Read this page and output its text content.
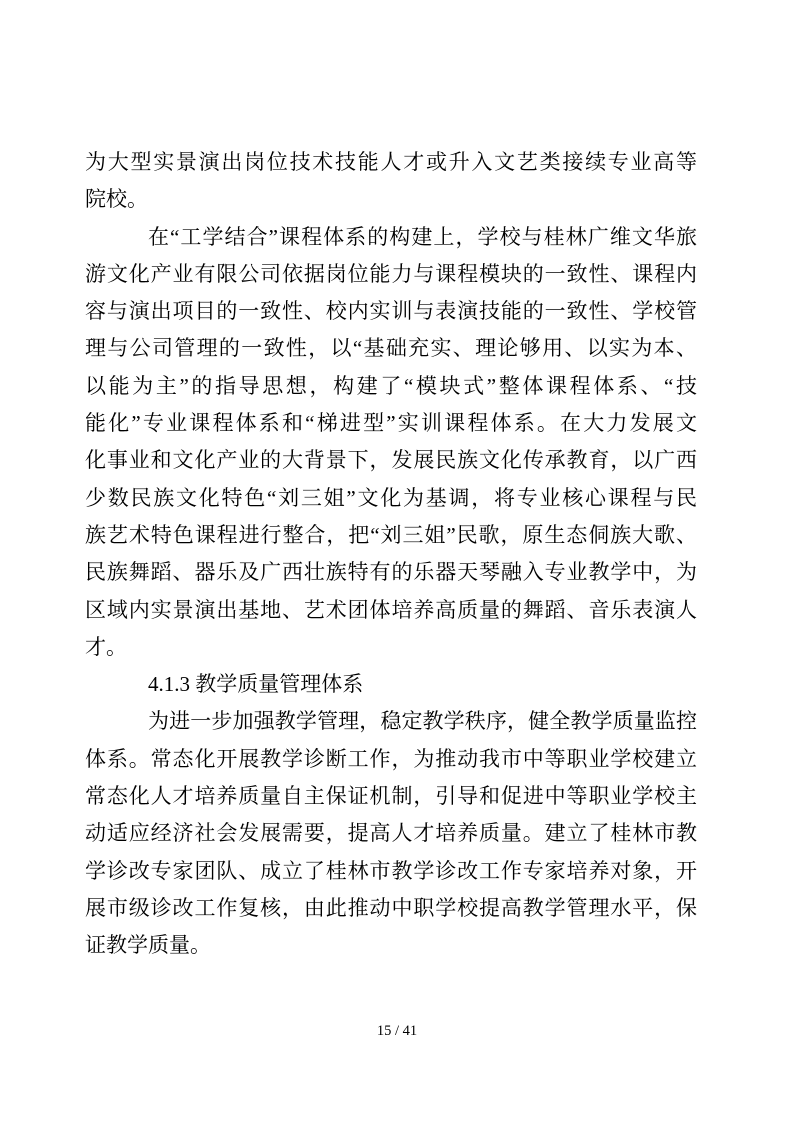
为大型实景演出岗位技术技能人才或升入文艺类接续专业高等
院校。
在“工学结合”课程体系的构建上，学校与桂林广维文华旅
游文化产业有限公司依据岗位能力与课程模块的一致性、课程内
容与演出项目的一致性、校内实训与表演技能的一致性、学校管
理与公司管理的一致性，以“基础充实、理论够用、以实为本、
以能为主”的指导思想，构建了“模块式”整体课程体系、“技
能化”专业课程体系和“梯进型”实训课程体系。在大力发展文
化事业和文化产业的大背景下，发展民族文化传承教育，以广西
少数民族文化特色“刘三姐”文化为基调，将专业核心课程与民
族艺术特色课程进行整合，把“刘三姐”民歌，原生态侗族大歌、
民族舞蹈、器乐及广西壮族特有的乐器天琴融入专业教学中，为
区域内实景演出基地、艺术团体培养高质量的舞蹈、音乐表演人
才。
4.1.3 教学质量管理体系
为进一步加强教学管理，稳定教学秩序，健全教学质量监控
体系。常态化开展教学诊断工作，为推动我市中等职业学校建立
常态化人才培养质量自主保证机制，引导和促进中等职业学校主
动适应经济社会发展需要，提高人才培养质量。建立了桂林市教
学诊改专家团队、成立了桂林市教学诊改工作专家培养对象，开
展市级诊改工作复核，由此推动中职学校提高教学管理水平，保
证教学质量。
15 / 41
